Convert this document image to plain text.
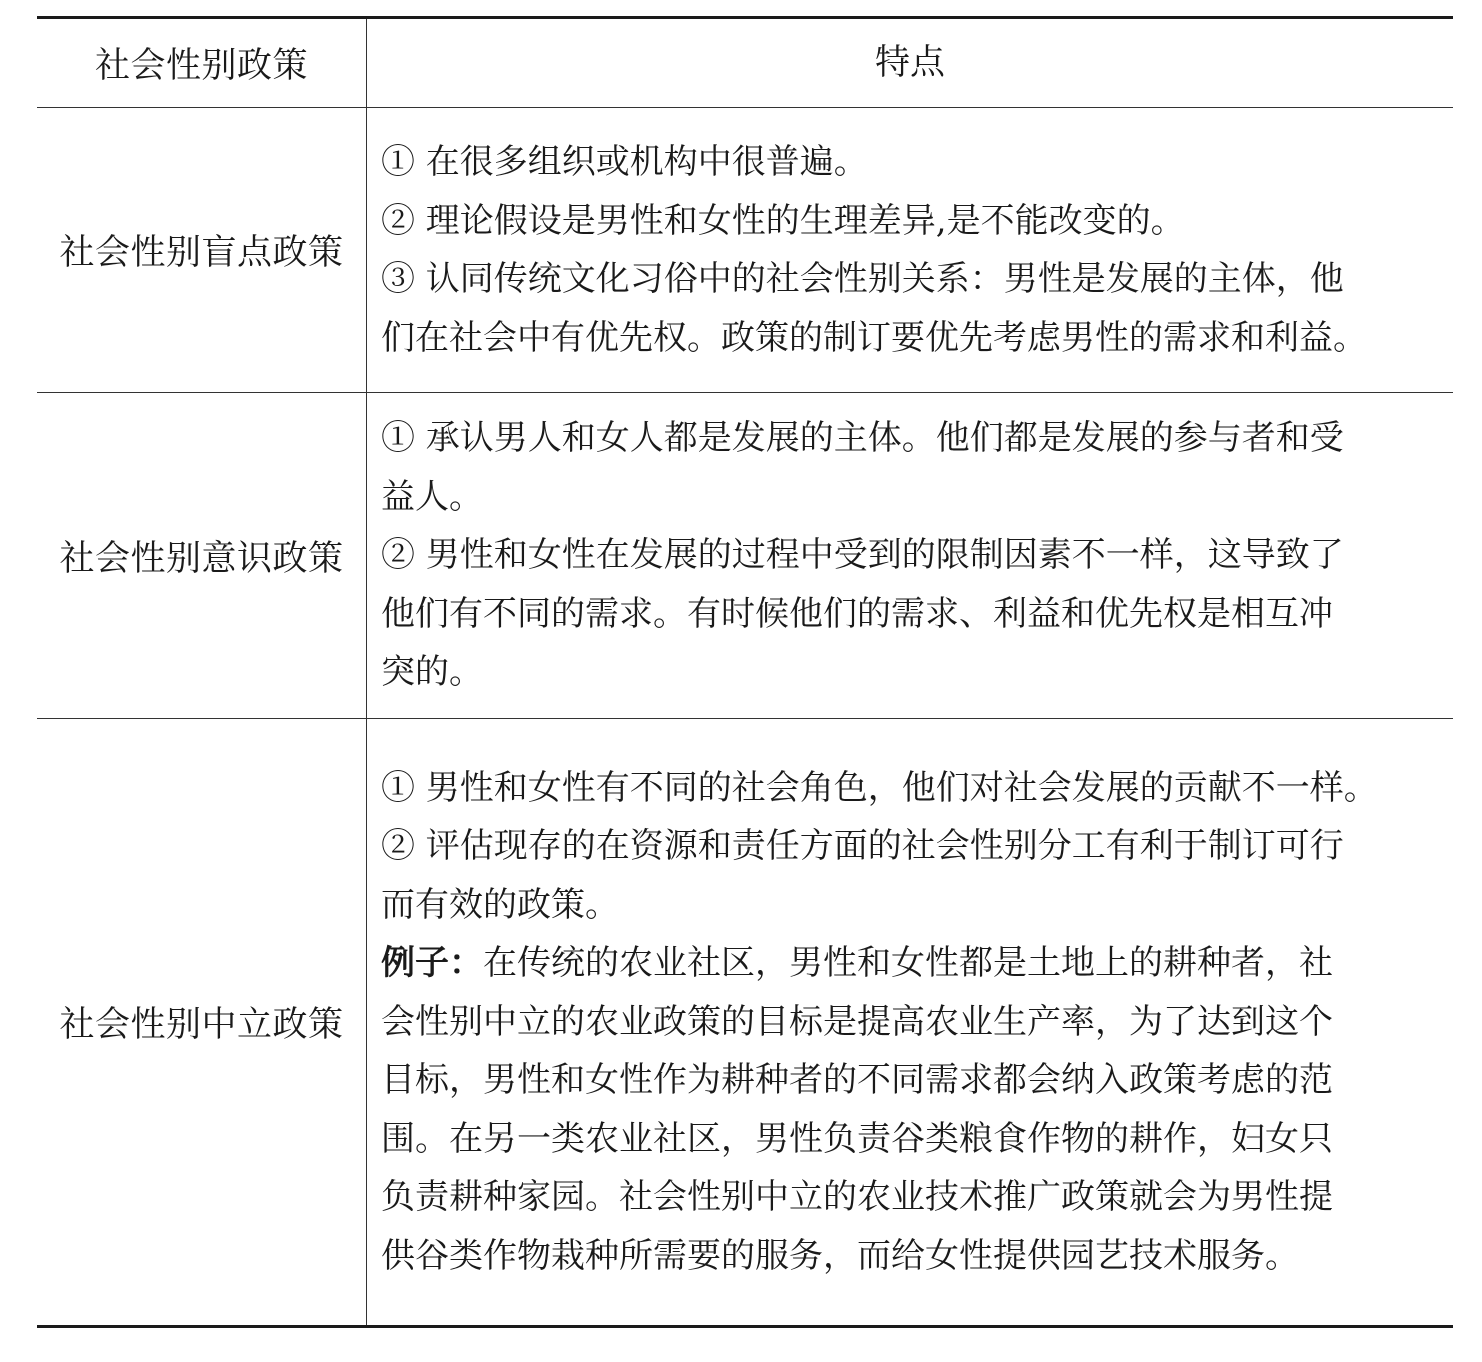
社会性别政策	特点
社会性别盲点政策
① 在很多组织或机构中很普遍。
② 理论假设是男性和女性的生理差异,是不能改变的。
③ 认同传统文化习俗中的社会性别关系：男性是发展的主体，他
们在社会中有优先权。政策的制订要优先考虑男性的需求和利益。
社会性别意识政策
① 承认男人和女人都是发展的主体。他们都是发展的参与者和受
益人。
② 男性和女性在发展的过程中受到的限制因素不一样，这导致了
他们有不同的需求。有时候他们的需求、利益和优先权是相互冲
突的。
社会性别中立政策
① 男性和女性有不同的社会角色，他们对社会发展的贡献不一样。
② 评估现存的在资源和责任方面的社会性别分工有利于制订可行
而有效的政策。
例子：在传统的农业社区，男性和女性都是土地上的耕种者，社
会性别中立的农业政策的目标是提高农业生产率，为了达到这个
目标，男性和女性作为耕种者的不同需求都会纳入政策考虑的范
围。在另一类农业社区，男性负责谷类粮食作物的耕作，妇女只
负责耕种家园。社会性别中立的农业技术推广政策就会为男性提
供谷类作物栽种所需要的服务，而给女性提供园艺技术服务。
